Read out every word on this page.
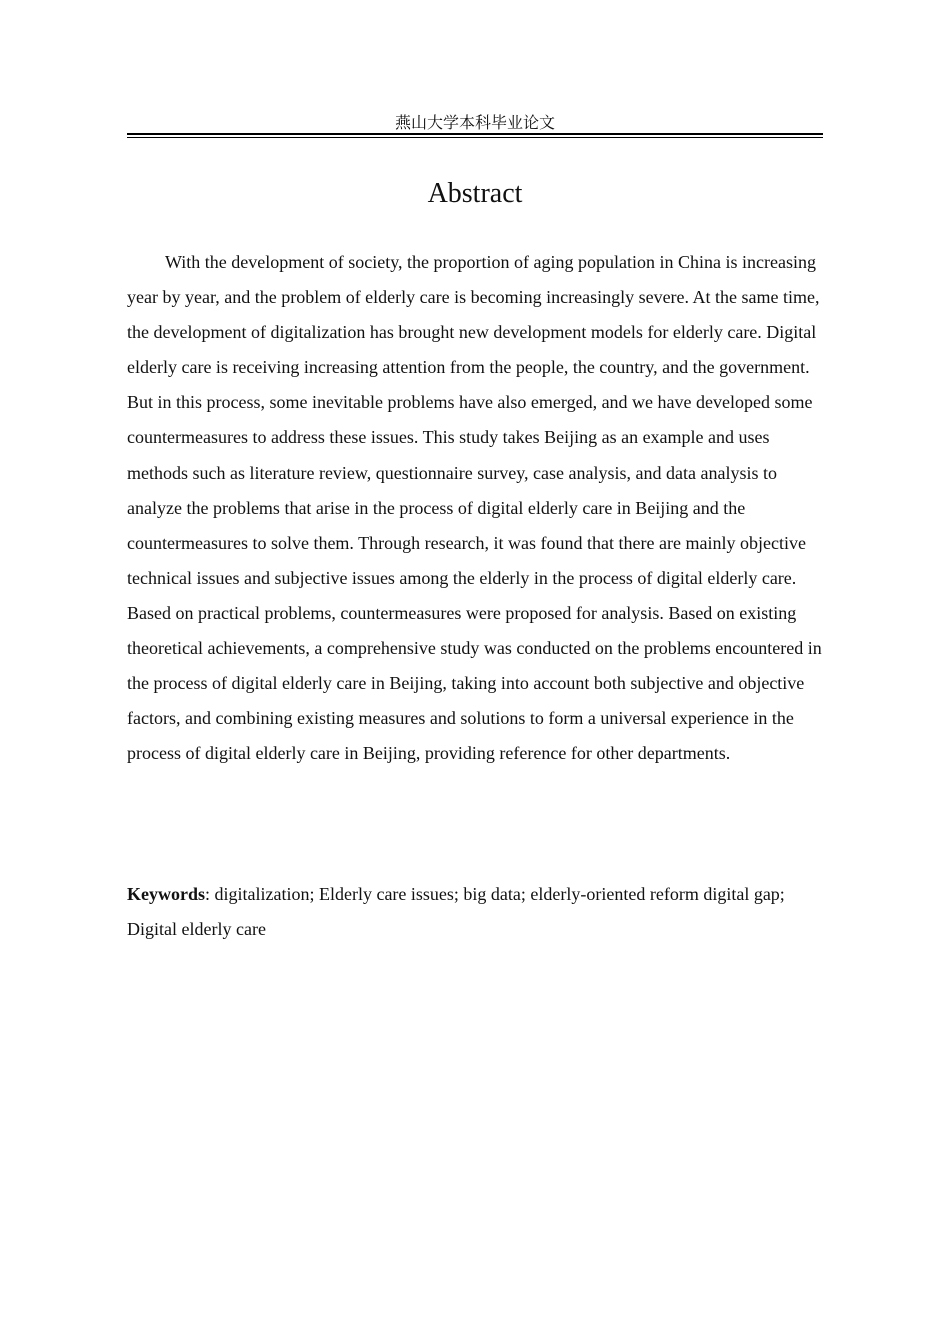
燕山大学本科毕业论文
Abstract

With the development of society, the proportion of aging population in China is increasing year by year, and the problem of elderly care is becoming increasingly severe. At the same time, the development of digitalization has brought new development models for elderly care. Digital elderly care is receiving increasing attention from the people, the country, and the government. But in this process, some inevitable problems have also emerged, and we have developed some countermeasures to address these issues. This study takes Beijing as an example and uses methods such as literature review, questionnaire survey, case analysis, and data analysis to analyze the problems that arise in the process of digital elderly care in Beijing and the countermeasures to solve them. Through research, it was found that there are mainly objective technical issues and subjective issues among the elderly in the process of digital elderly care. Based on practical problems, countermeasures were proposed for analysis. Based on existing theoretical achievements, a comprehensive study was conducted on the problems encountered in the process of digital elderly care in Beijing, taking into account both subjective and objective factors, and combining existing measures and solutions to form a universal experience in the process of digital elderly care in Beijing, providing reference for other departments.

Keywords: digitalization; Elderly care issues; big data; elderly-oriented reform digital gap; Digital elderly care
